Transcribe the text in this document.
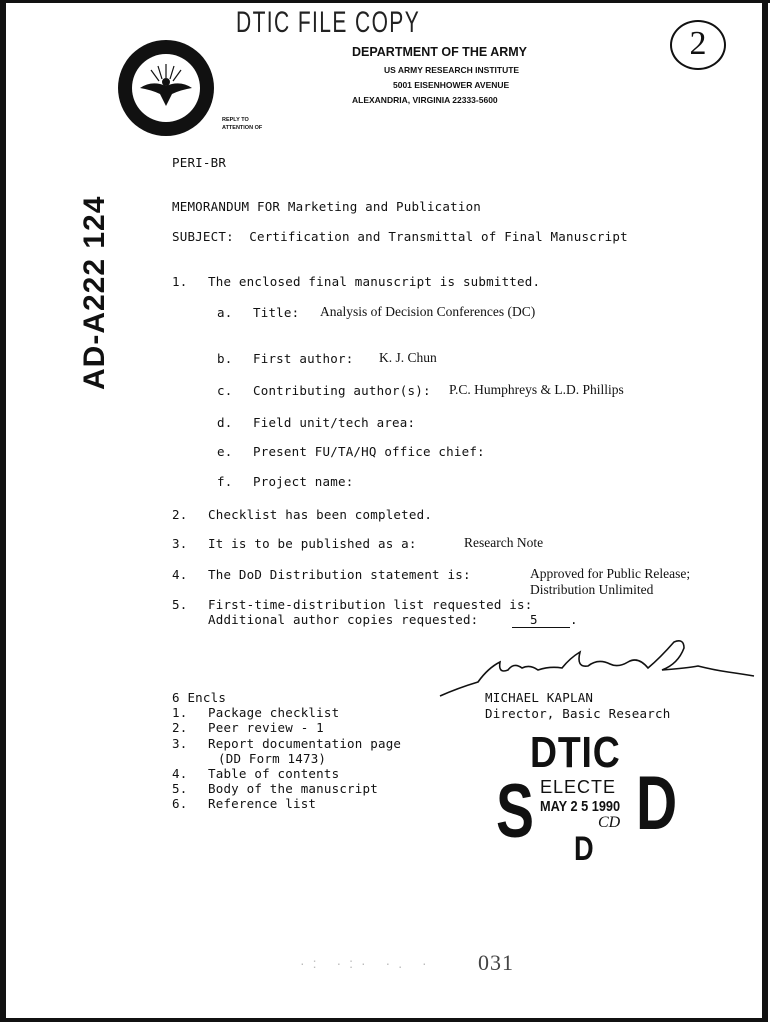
DTIC FILE COPY
2
DEPARTMENT OF THE ARMY
US ARMY RESEARCH INSTITUTE
5001 EISENHOWER AVENUE
ALEXANDRIA, VIRGINIA 22333-5600
REPLY TO
ATTENTION OF
AD-A222 124
PERI-BR
MEMORANDUM FOR Marketing and Publication
SUBJECT:  Certification and Transmittal of Final Manuscript
1. The enclosed final manuscript is submitted.
a. Title: Analysis of Decision Conferences (DC)
b. First author: K. J. Chun
c. Contributing author(s): P.C. Humphreys & L.D. Phillips
d. Field unit/tech area:
e. Present FU/TA/HQ office chief:
f. Project name:
2. Checklist has been completed.
3. It is to be published as a:	Research Note
4. The DoD Distribution statement is:	Approved for Public Release;
Distribution Unlimited
5. First-time-distribution list requested is:
Additional author copies requested:	5	.
MICHAEL KAPLAN
Director, Basic Research
6 Encls
1. Package checklist
2. Peer review - 1
3. Report documentation page
(DD Form 1473)
4. Table of contents
5. Body of the manuscript
6. Reference list
DTIC
ELECTE
MAY 2 5 1990
S D
D
CD
·: ·:· ·. · 031
